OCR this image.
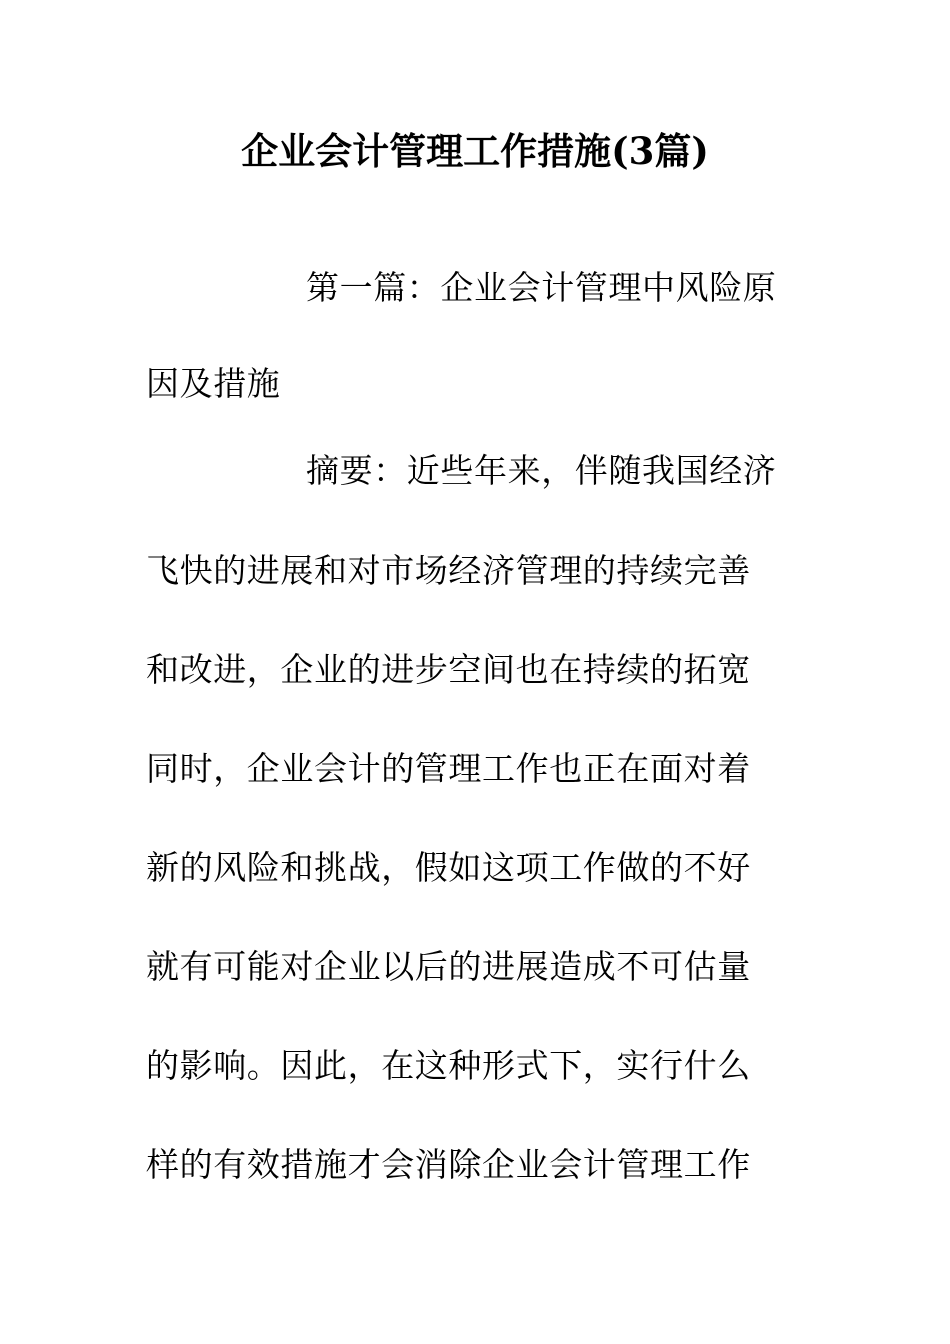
企业会计管理工作措施(3篇)

第一篇：企业会计管理中风险原

因及措施

摘要：近些年来，伴随我国经济

飞快的进展和对市场经济管理的持续完善

和改进，企业的进步空间也在持续的拓宽

同时，企业会计的管理工作也正在面对着

新的风险和挑战，假如这项工作做的不好

就有可能对企业以后的进展造成不可估量

的影响。因此，在这种形式下，实行什么

样的有效措施才会消除企业会计管理工作
